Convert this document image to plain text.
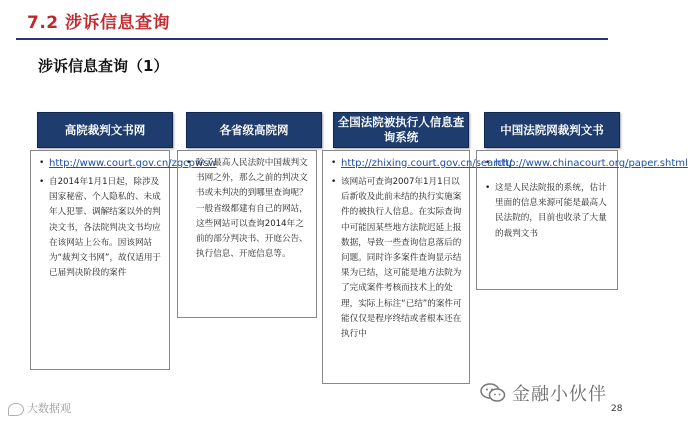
7.2 涉诉信息查询
涉诉信息查询（1）
高院裁判文书网
• http://www.court.gov.cn/zgcpwsw
• 自2014年1月1日起，除涉及国家秘密、个人隐私的、未成年人犯罪、调解结案以外的判决文书，各法院判决文书均应在该网站上公布。因该网站为“裁判文书网”，故仅适用于已届判决阶段的案件
各省级高院网
• 除了最高人民法院中国裁判文书网之外，那么之前的判决文书或未判决的到哪里查询呢？一般省级都建有自己的网站，这些网站可以查询2014年之前的部分判决书、开庭公告、执行信息、开庭信息等。
全国法院被执行人信息查询系统
• http://zhixing.court.gov.cn/search/
• 该网站可查询2007年1月1日以后新收及此前未结的执行实施案件的被执行人信息。在实际查询中可能因某些地方法院迟延上报数据，导致一些查询信息落后的问题。同时许多案件查询显示结果为已结，这可能是地方法院为了完成案件考核而技术上的处理，实际上标注“已结”的案件可能仅仅是程序终结或者根本还在执行中
中国法院网裁判文书
• http://www.chinacourt.org/paper.shtml
• 这是人民法院报的系统，估计里面的信息来源可能是最高人民法院的，目前也收录了大量的裁判文书
大数据观
金融小伙伴
28
